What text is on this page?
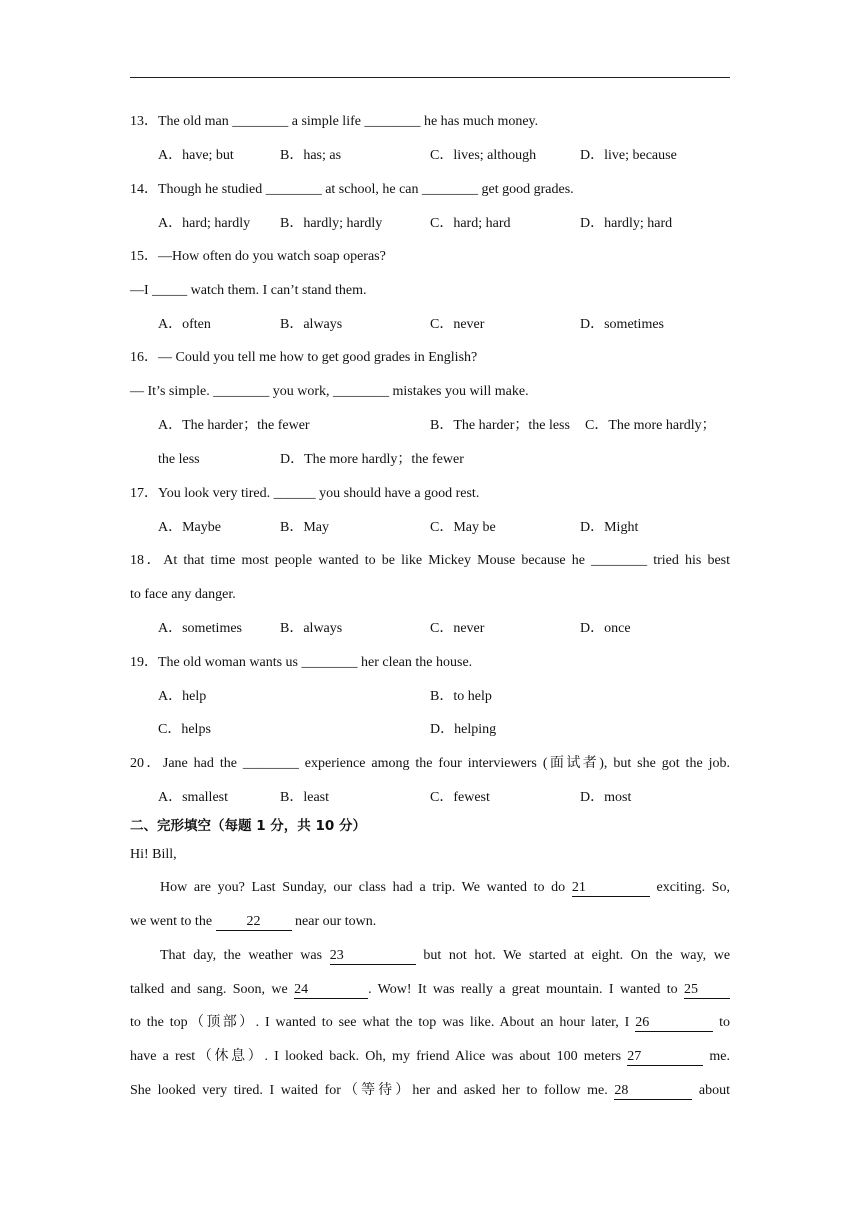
13．The old man ________ a simple life ________ he has much money.
A．have; but	B．has; as	C．lives; although	D．live; because
14．Though he studied ________ at school, he can ________ get good grades.
A．hard; hardly B．hardly; hardly	C．hard; hard	D．hardly; hard
15．—How often do you watch soap operas?
—I _____ watch them. I can’t stand them.
A．often	B．always	C．never	D．sometimes
16．— Could you tell me how to get good grades in English?
— It’s simple. ________ you work, ________ mistakes you will make.
A．The harder；the fewer	B．The harder；the less C．The more hardly；
the less	D．The more hardly；the fewer
17．You look very tired. ______ you should have a good rest.
A．Maybe	B．May	C．May be	D．Might
18．At that time most people wanted to be like Mickey Mouse because he ________ tried his best
to face any danger.
A．sometimes	B．always	C．never	D．once
19．The old woman wants us ________ her clean the house.
A．help	B．to help
C．helps	D．helping
20．Jane had the ________ experience among the four interviewers (面试者), but she got the job.
A．smallest	B．least	C．fewest	D．most
二、完形填空（每题 1 分，共 10 分）
Hi! Bill,
How are you? Last Sunday, our class had a trip. We wanted to do 21	exciting. So,
we went to the 22 near our town.
That day, the weather was 23	but not hot. We started at eight. On the way, we
talked and sang. Soon, we 24	. Wow! It was really a great mountain. I wanted to 25
to the top（顶部）. I wanted to see what the top was like. About an hour later, I 26	to
have a rest（休息）. I looked back. Oh, my friend Alice was about 100 meters 27	me.
She looked very tired. I waited for（等待）her and asked her to follow me. 28	about
